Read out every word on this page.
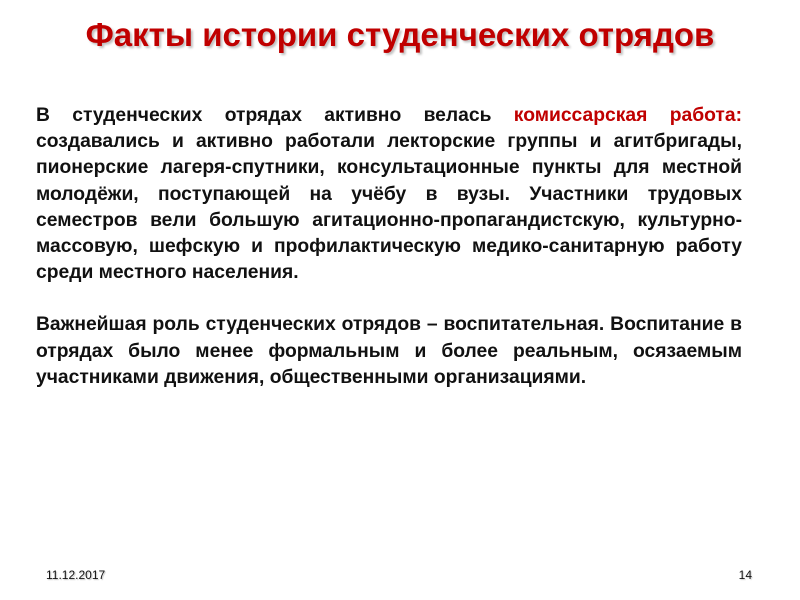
Факты истории студенческих отрядов

В студенческих отрядах активно велась комиссарская работа: создавались и активно работали лекторские группы и агитбригады, пионерские лагеря-спутники, консультационные пункты для местной молодёжи, поступающей на учёбу в вузы. Участники трудовых семестров вели большую агитационно-пропагандистскую, культурно-массовую, шефскую и профилактическую медико-санитарную работу среди местного населения.

Важнейшая роль студенческих отрядов – воспитательная. Воспитание в отрядах было менее формальным и более реальным, осязаемым участниками движения, общественными организациями.

11.12.2017	14
